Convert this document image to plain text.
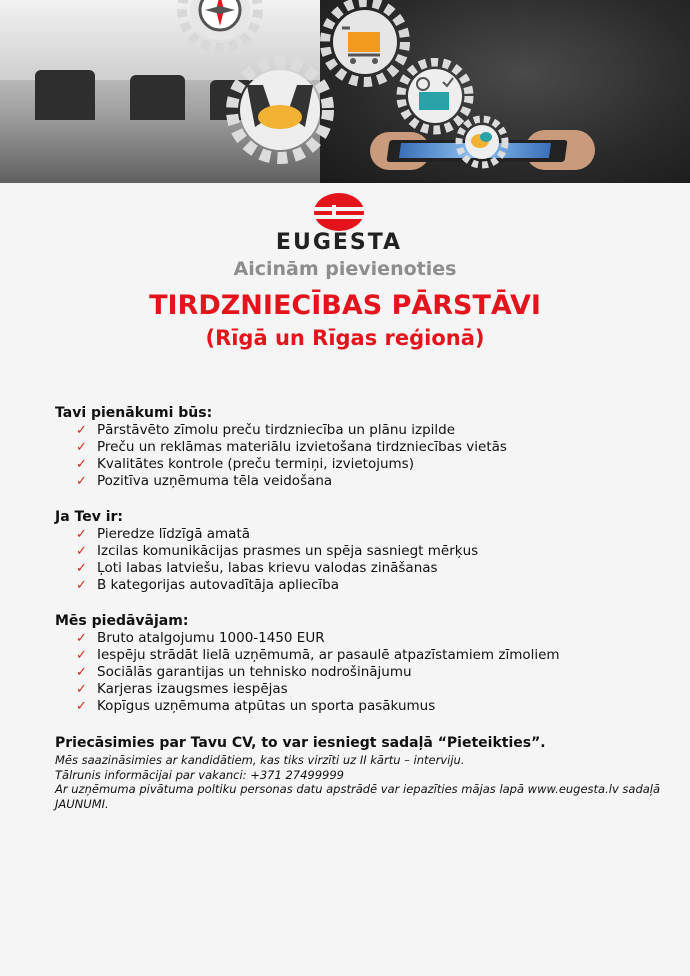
EUGESTA
Aicinām pievienoties
TIRDZNIECĪBAS PĀRSTĀVI
(Rīgā un Rīgas reģionā)

Tavi pienākumi būs:

✓ Pārstāvēto zīmolu preču tirdzniecība un plānu izpilde
✓ Preču un reklāmas materiālu izvietošana tirdzniecības vietās
✓ Kvalitātes kontrole (preču termiņi, izvietojums)
✓ Pozitīva uzņēmuma tēla veidošana

Ja Tev ir:

✓ Pieredze līdzīgā amatā
✓ Izcilas komunikācijas prasmes un spēja sasniegt mērķus
✓ Ļoti labas latviešu, labas krievu valodas zināšanas
✓ B kategorijas autovadītāja apliecība

Mēs piedāvājam:

✓ Bruto atalgojumu 1000-1450 EUR
✓ Iespēju strādāt lielā uzņēmumā, ar pasaulē atpazīstamiem zīmoliem
✓ Sociālās garantijas un tehnisko nodrošinājumu
✓ Karjeras izaugsmes iespējas
✓ Kopīgus uzņēmuma atpūtas un sporta pasākumus

Priecāsimies par Tavu CV, to var iesniegt sadaļā “Pieteikties”.

Mēs saazināsimies ar kandidātiem, kas tiks virzīti uz II kārtu – interviju.

Tālrunis informācijai par vakanci: +371 27499999

Ar uzņēmuma pivātuma poltiku personas datu apstrādē var iepazīties mājas lapā www.eugesta.lv sadaļā JAUNUMI.
